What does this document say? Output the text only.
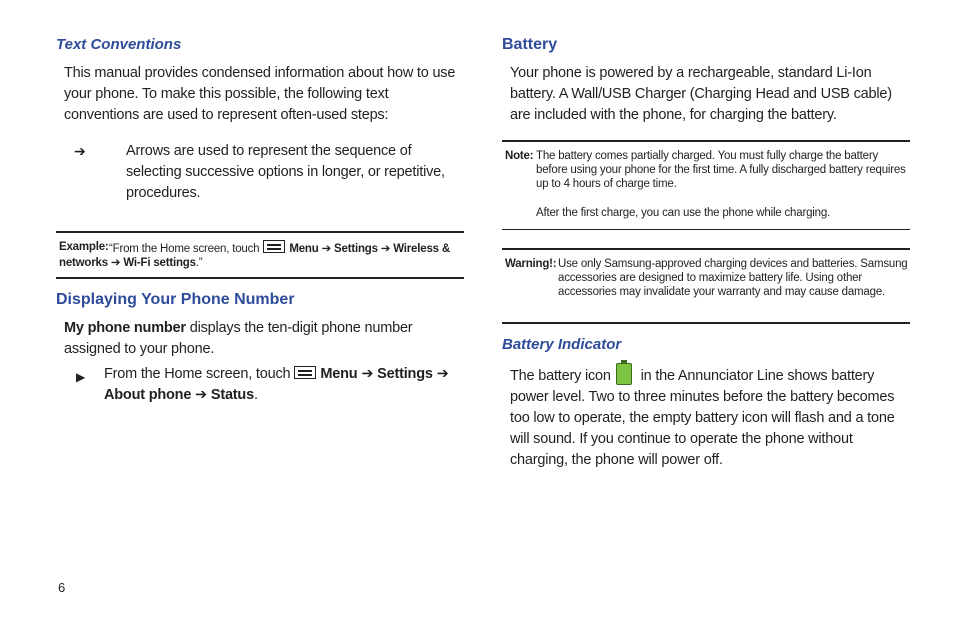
Text Conventions

This manual provides condensed information about how to use your phone. To make this possible, the following text conventions are used to represent often-used steps:

➔	Arrows are used to represent the sequence of selecting successive options in longer, or repetitive, procedures.

Example:“From the Home screen, touch	Menu ➔ Settings ➔ Wireless & networks ➔ Wi-Fi settings.”
Displaying Your Phone Number

My phone number displays the ten-digit phone number assigned to your phone.

▶ From the Home screen, touch Menu ➔ Settings ➔
About phone ➔ Status.

Battery

Your phone is powered by a rechargeable, standard Li-Ion battery. A Wall/USB Charger (Charging Head and USB cable) are included with the phone, for charging the battery.

Note: The battery comes partially charged. You must fully charge the battery before using your phone for the first time. A fully discharged battery requires up to 4 hours of charge time.
After the first charge, you can use the phone while charging.
Warning!: Use only Samsung-approved charging devices and batteries. Samsung accessories are designed to maximize battery life. Using other accessories may invalidate your warranty and may cause damage.
Battery Indicator

The battery icon in the Annunciator Line shows battery power level. Two to three minutes before the battery becomes too low to operate, the empty battery icon will flash and a tone will sound. If you continue to operate the phone without charging, the phone will power off.

6
